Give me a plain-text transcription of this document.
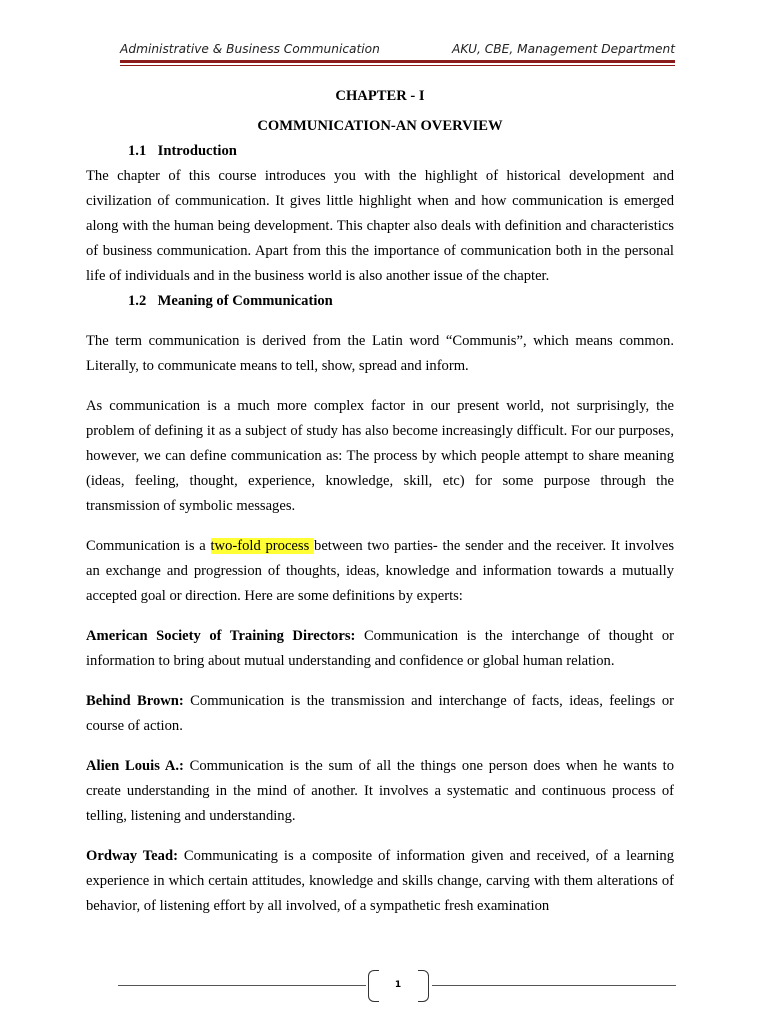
Administrative & Business Communication	AKU, CBE, Management Department
CHAPTER - I
COMMUNICATION-AN OVERVIEW
1.1 Introduction

The chapter of this course introduces you with the highlight of historical development and civilization of communication. It gives little highlight when and how communication is emerged along with the human being development. This chapter also deals with definition and characteristics of business communication. Apart from this the importance of communication both in the personal life of individuals and in the business world is also another issue of the chapter.

1.2 Meaning of Communication

The term communication is derived from the Latin word “Communis”, which means common. Literally, to communicate means to tell, show, spread and inform.

As communication is a much more complex factor in our present world, not surprisingly, the problem of defining it as a subject of study has also become increasingly difficult. For our purposes, however, we can define communication as: The process by which people attempt to share meaning (ideas, feeling, thought, experience, knowledge, skill, etc) for some purpose through the transmission of symbolic messages.

Communication is a two-fold process between two parties- the sender and the receiver. It involves an exchange and progression of thoughts, ideas, knowledge and information towards a mutually accepted goal or direction. Here are some definitions by experts:

American Society of Training Directors: Communication is the interchange of thought or information to bring about mutual understanding and confidence or global human relation.

Behind Brown: Communication is the transmission and interchange of facts, ideas, feelings or course of action.

Alien Louis A.: Communication is the sum of all the things one person does when he wants to create understanding in the mind of another. It involves a systematic and continuous process of telling, listening and understanding.

Ordway Tead: Communicating is a composite of information given and received, of a learning experience in which certain attitudes, knowledge and skills change, carving with them alterations of behavior, of listening effort by all involved, of a sympathetic fresh examination

1
